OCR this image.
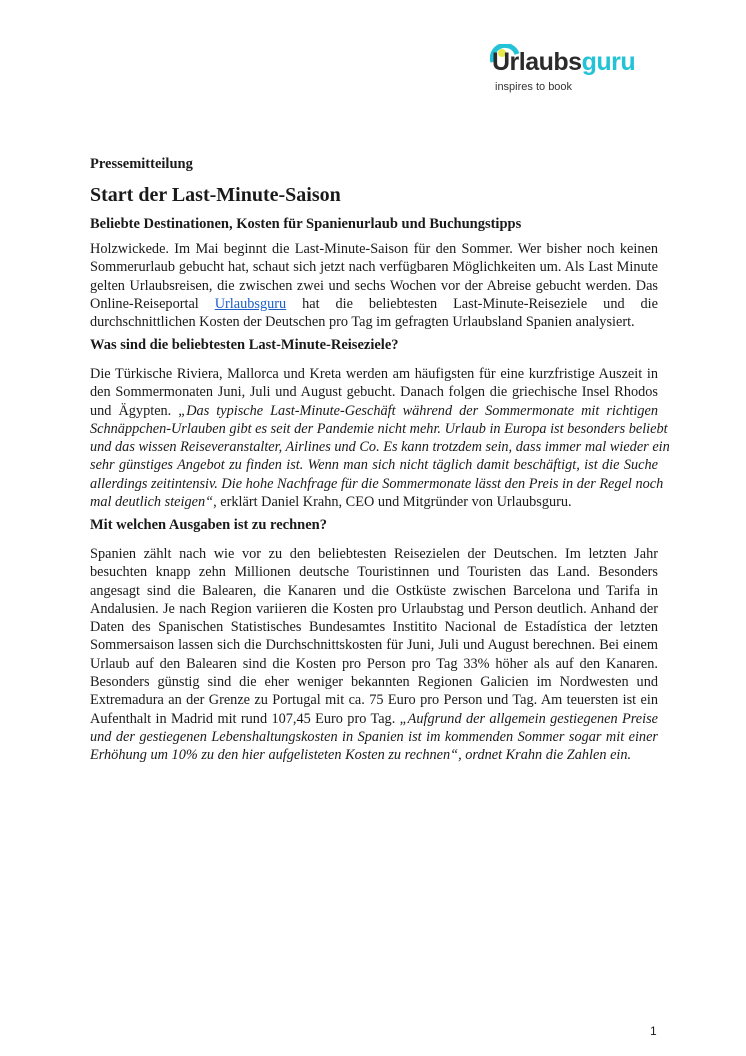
Urlaubsguru
inspires to book
Pressemitteilung
Start der Last-Minute-Saison
Beliebte Destinationen, Kosten für Spanienurlaub und Buchungstipps
Holzwickede. Im Mai beginnt die Last-Minute-Saison für den Sommer. Wer bisher noch keinen
Sommerurlaub gebucht hat, schaut sich jetzt nach verfügbaren Möglichkeiten um. Als Last Minute
gelten Urlaubsreisen, die zwischen zwei und sechs Wochen vor der Abreise gebucht werden. Das
Online-Reiseportal Urlaubsguru hat die beliebtesten Last-Minute-Reiseziele und die
durchschnittlichen Kosten der Deutschen pro Tag im gefragten Urlaubsland Spanien analysiert.
Was sind die beliebtesten Last-Minute-Reiseziele?
Die Türkische Riviera, Mallorca und Kreta werden am häufigsten für eine kurzfristige Auszeit in
den Sommermonaten Juni, Juli und August gebucht. Danach folgen die griechische Insel Rhodos
und Ägypten. „Das typische Last-Minute-Geschäft während der Sommermonate mit richtigen
Schnäppchen-Urlauben gibt es seit der Pandemie nicht mehr. Urlaub in Europa ist besonders beliebt
und das wissen Reiseveranstalter, Airlines und Co. Es kann trotzdem sein, dass immer mal wieder ein
sehr günstiges Angebot zu finden ist. Wenn man sich nicht täglich damit beschäftigt, ist die Suche
allerdings zeitintensiv. Die hohe Nachfrage für die Sommermonate lässt den Preis in der Regel noch
mal deutlich steigen“, erklärt Daniel Krahn, CEO und Mitgründer von Urlaubsguru.
Mit welchen Ausgaben ist zu rechnen?
Spanien zählt nach wie vor zu den beliebtesten Reisezielen der Deutschen. Im letzten Jahr
besuchten knapp zehn Millionen deutsche Touristinnen und Touristen das Land. Besonders
angesagt sind die Balearen, die Kanaren und die Ostküste zwischen Barcelona und Tarifa in
Andalusien. Je nach Region variieren die Kosten pro Urlaubstag und Person deutlich. Anhand der
Daten des Spanischen Statistisches Bundesamtes Institito Nacional de Estadística der letzten
Sommersaison lassen sich die Durchschnittskosten für Juni, Juli und August berechnen. Bei einem
Urlaub auf den Balearen sind die Kosten pro Person pro Tag 33% höher als auf den Kanaren.
Besonders günstig sind die eher weniger bekannten Regionen Galicien im Nordwesten und
Extremadura an der Grenze zu Portugal mit ca. 75 Euro pro Person und Tag. Am teuersten ist ein
Aufenthalt in Madrid mit rund 107,45 Euro pro Tag. „Aufgrund der allgemein gestiegenen Preise
und der gestiegenen Lebenshaltungskosten in Spanien ist im kommenden Sommer sogar mit einer
Erhöhung um 10% zu den hier aufgelisteten Kosten zu rechnen“, ordnet Krahn die Zahlen ein.
1
